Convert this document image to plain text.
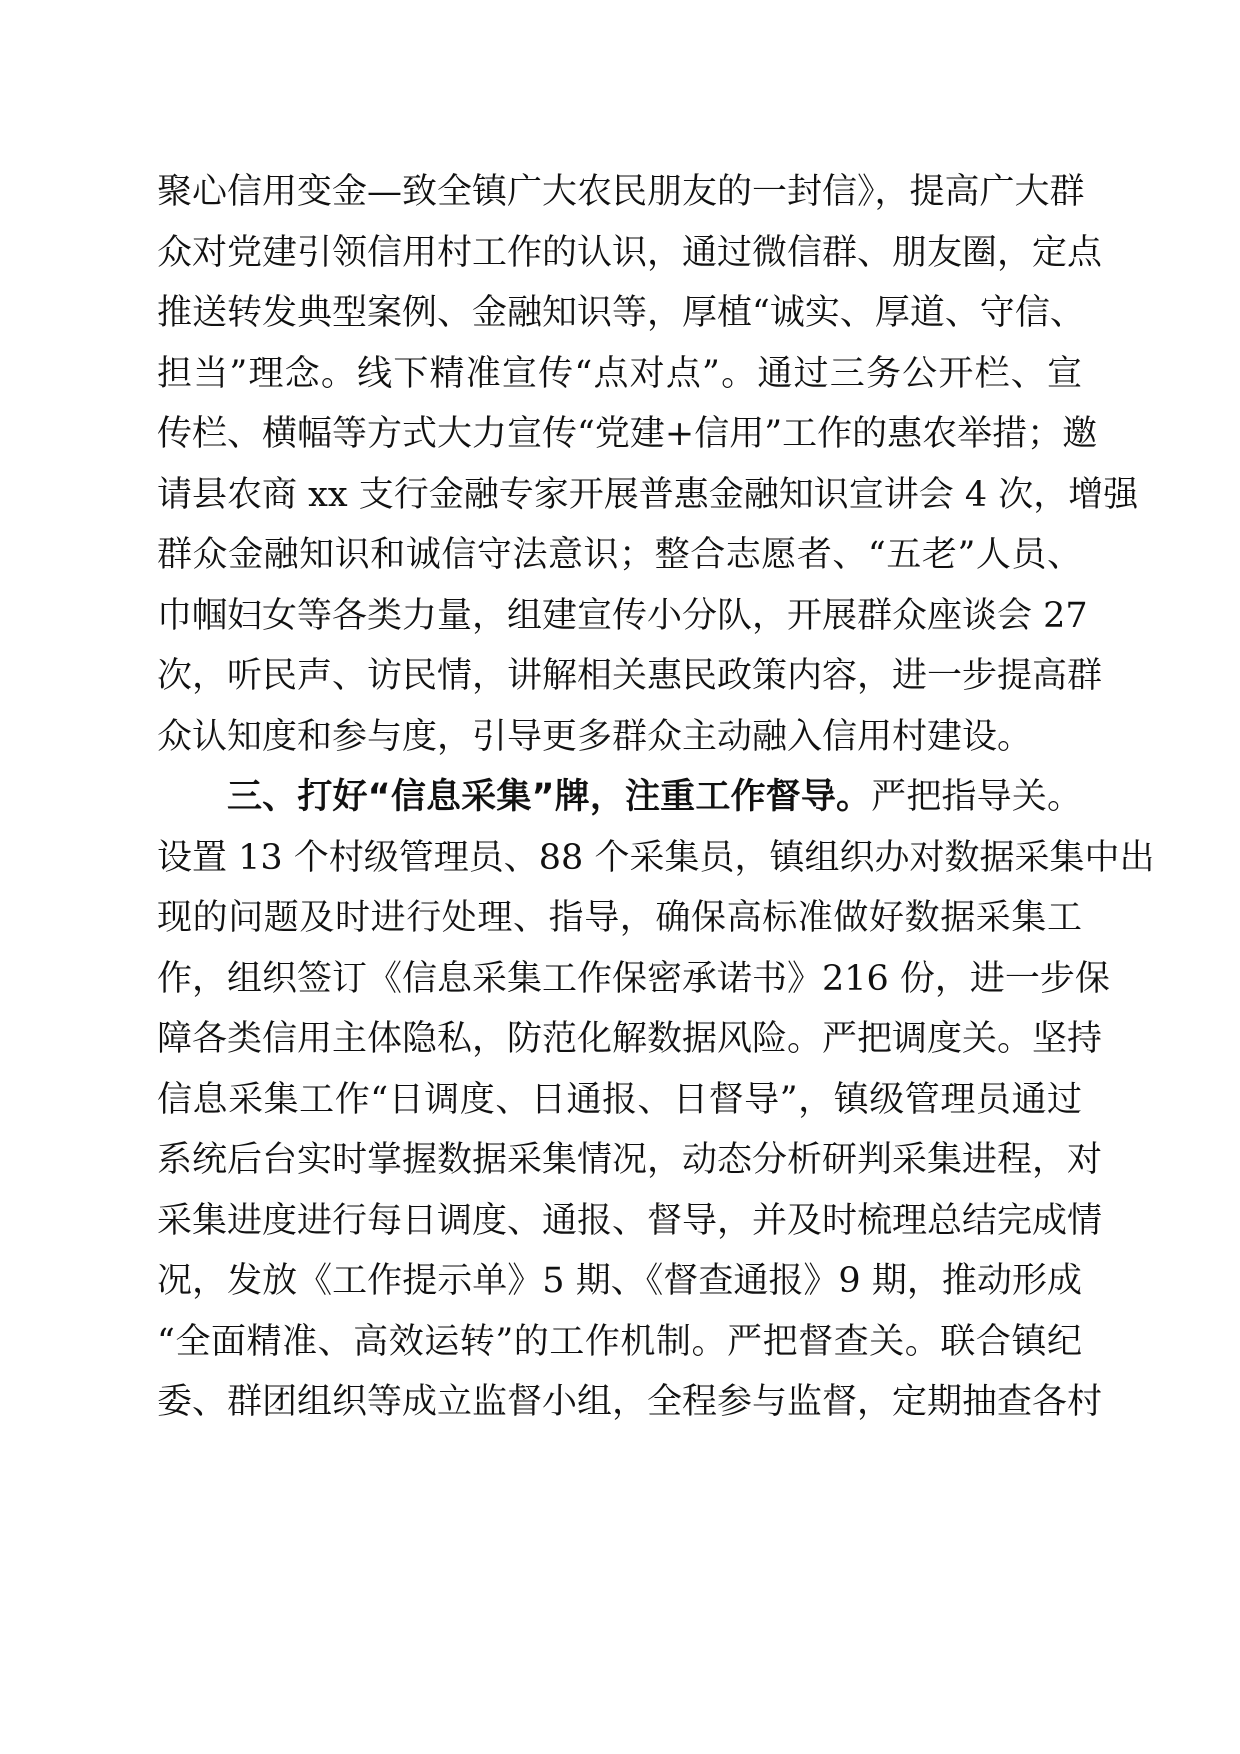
聚心信用变金—致全镇广大农民朋友的一封信》，提高广大群
众对党建引领信用村工作的认识，通过微信群、朋友圈，定点
推送转发典型案例、金融知识等，厚植“诚实、厚道、守信、
担当”理念。线下精准宣传“点对点”。通过三务公开栏、宣
传栏、横幅等方式大力宣传“党建+信用”工作的惠农举措；邀
请县农商 xx 支行金融专家开展普惠金融知识宣讲会 4 次，增强
群众金融知识和诚信守法意识；整合志愿者、“五老”人员、
巾帼妇女等各类力量，组建宣传小分队，开展群众座谈会 27
次，听民声、访民情，讲解相关惠民政策内容，进一步提高群
众认知度和参与度，引导更多群众主动融入信用村建设。
三、打好“信息采集”牌，注重工作督导。严把指导关。
设置 13 个村级管理员、88 个采集员，镇组织办对数据采集中出
现的问题及时进行处理、指导，确保高标准做好数据采集工
作，组织签订《信息采集工作保密承诺书》216 份，进一步保
障各类信用主体隐私，防范化解数据风险。严把调度关。坚持
信息采集工作“日调度、日通报、日督导”，镇级管理员通过
系统后台实时掌握数据采集情况，动态分析研判采集进程，对
采集进度进行每日调度、通报、督导，并及时梳理总结完成情
况，发放《工作提示单》5 期、《督查通报》9 期，推动形成
“全面精准、高效运转”的工作机制。严把督查关。联合镇纪
委、群团组织等成立监督小组，全程参与监督，定期抽查各村
